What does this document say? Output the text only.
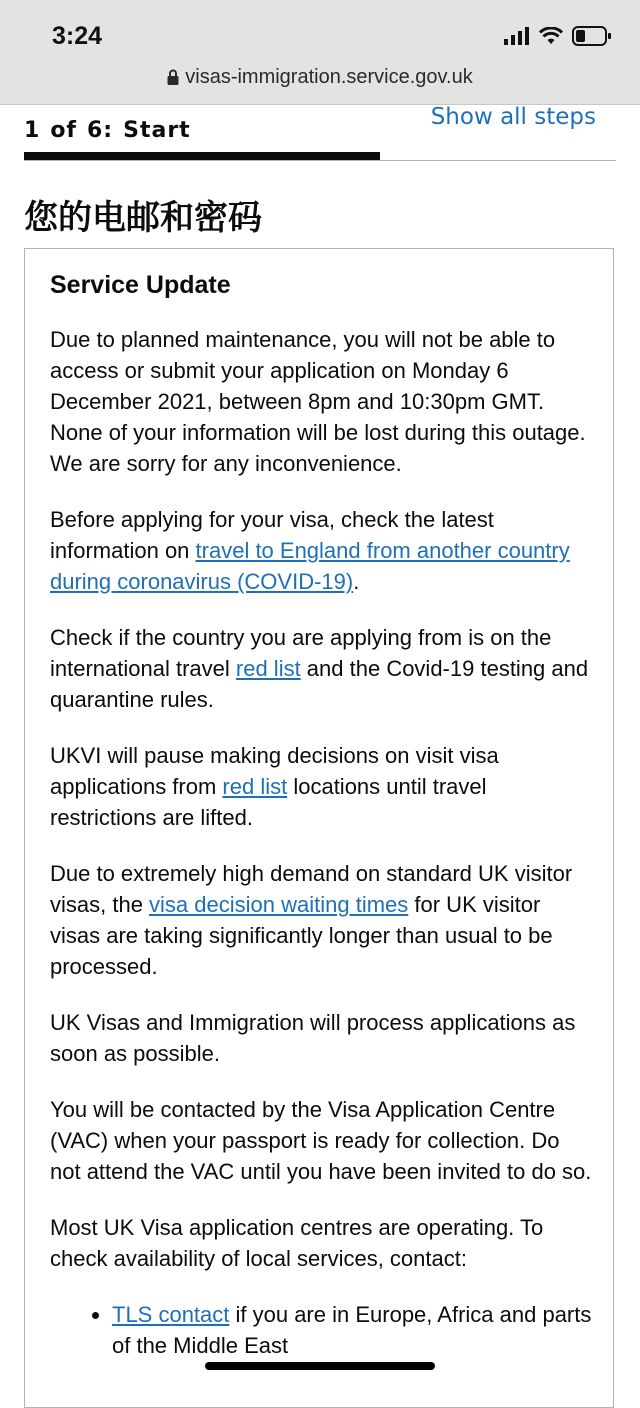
3:24
visas-immigration.service.gov.uk
1 of 6: Start
Show all steps
您的电邮和密码
Service Update

Due to planned maintenance, you will not be able to access or submit your application on Monday 6 December 2021, between 8pm and 10:30pm GMT. None of your information will be lost during this outage. We are sorry for any inconvenience.

Before applying for your visa, check the latest information on travel to England from another country during coronavirus (COVID-19).

Check if the country you are applying from is on the international travel red list and the Covid-19 testing and quarantine rules.

UKVI will pause making decisions on visit visa applications from red list locations until travel restrictions are lifted.

Due to extremely high demand on standard UK visitor visas, the visa decision waiting times for UK visitor visas are taking significantly longer than usual to be processed.

UK Visas and Immigration will process applications as soon as possible.

You will be contacted by the Visa Application Centre (VAC) when your passport is ready for collection. Do not attend the VAC until you have been invited to do so.

Most UK Visa application centres are operating. To check availability of local services, contact:

• TLS contact if you are in Europe, Africa and parts of the Middle East
